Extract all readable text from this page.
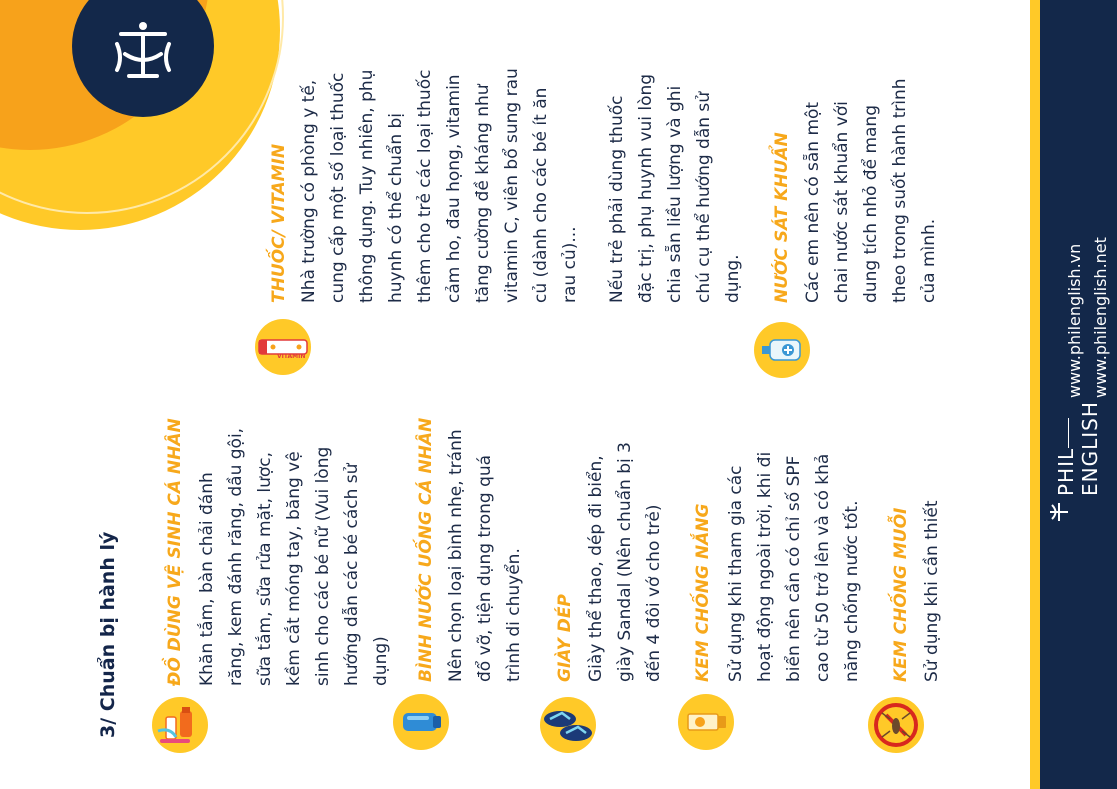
3/ Chuẩn bị hành lý	ĐỒ DÙNG VỆ SINH CÁ NHÂN Khăn tắm, bàn chải đánh răng, kem đánh răng, dầu gội, sữa tắm, sữa rửa mặt, lược, kềm cắt móng tay, băng vệ sinh cho các bé nữ (Vui lòng hướng dẫn các bé cách sử dụng) BÌNH NƯỚC UỐNG CÁ NHÂN Nên chọn loại bình nhẹ, tránh đổ vỡ, tiện dụng trong quá trình di chuyển. GIÀY DÉP Giày thể thao, dép đi biển, giày Sandal (Nên chuẩn bị 3 đến 4 đôi vớ cho trẻ) KEM CHỐNG NẮNG Sử dụng khi tham gia các hoạt động ngoài trời, khi đi biển nên cần có chỉ số SPF cao từ 50 trở lên và có khả năng chống nước tốt. KEM CHỐNG MUỖI Sử dụng khi cần thiết
VITAMIN
THUỐC/ VITAMIN Nhà trường có phòng y tế, cung cấp một số loại thuốc thông dụng. Tuy nhiên, phụ huynh có thể chuẩn bị thêm cho trẻ các loại thuốc cảm ho, đau họng, vitamin tăng cường đề kháng như vitamin C, viên bổ sung rau củ (dành cho các bé ít ăn rau củ)... Nếu trẻ phải dùng thuốc đặc trị, phụ huynh vui lòng chia sẵn liều lượng và ghi chú cụ thể hướng dẫn sử dụng. NƯỚC SÁT KHUẨN Các em nên có sẵn một chai nước sát khuẩn với dung tích nhỏ để mang theo trong suốt hành trình của mình.
PHIL ENGLISH
www.philenglish.vn www.philenglish.net
